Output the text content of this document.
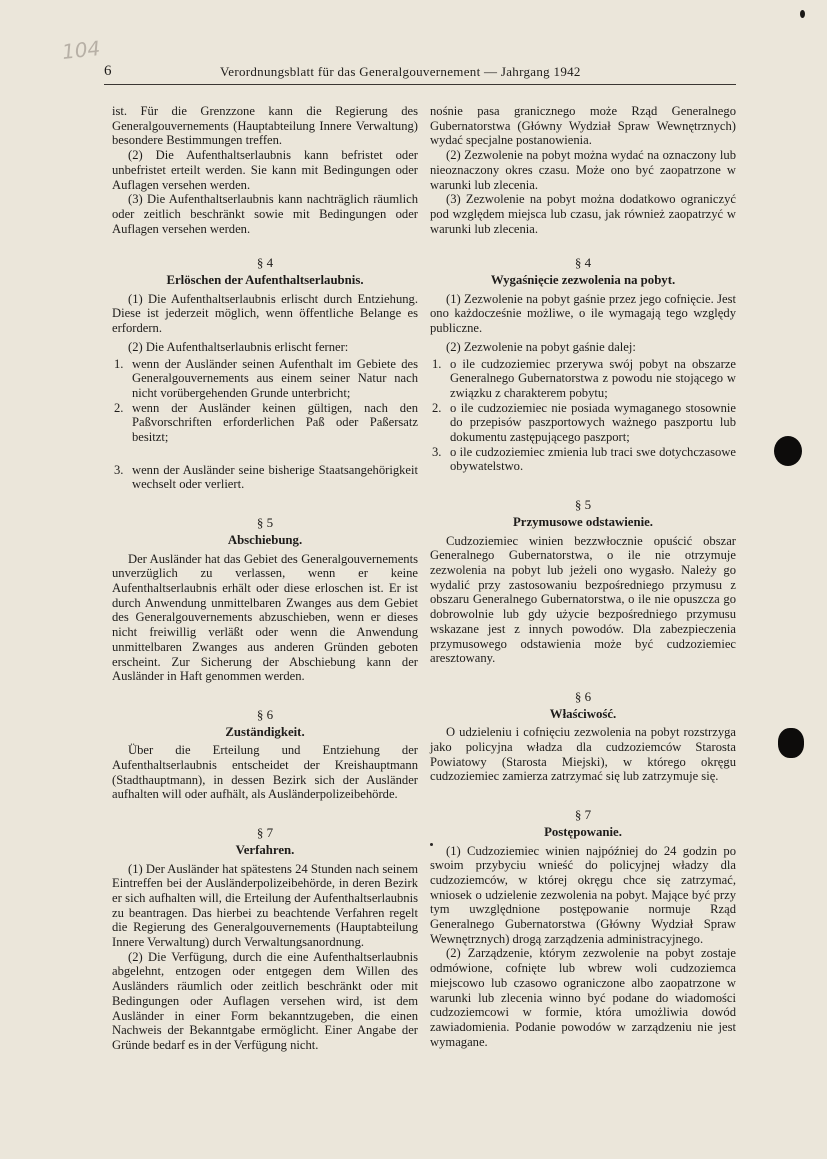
104
6	Verordnungsblatt für das Generalgouvernement — Jahrgang 1942

ist. Für die Grenzzone kann die Regierung des Generalgouvernements (Hauptabteilung Innere Verwaltung) besondere Bestimmungen treffen.

(2) Die Aufenthaltserlaubnis kann befristet oder unbefristet erteilt werden. Sie kann mit Bedingungen oder Auflagen versehen werden.

(3) Die Aufenthaltserlaubnis kann nachträglich räumlich oder zeitlich beschränkt sowie mit Bedingungen oder Auflagen versehen werden.

§ 4

Erlöschen der Aufenthaltserlaubnis.

(1) Die Aufenthaltserlaubnis erlischt durch Entziehung. Diese ist jederzeit möglich, wenn öffentliche Belange es erfordern.

(2) Die Aufenthaltserlaubnis erlischt ferner:

1. wenn der Ausländer seinen Aufenthalt im Gebiete des Generalgouvernements aus einem seiner Natur nach nicht vorübergehenden Grunde unterbricht;
2. wenn der Ausländer keinen gültigen, nach den Paßvorschriften erforderlichen Paß oder Paßersatz besitzt;
3. wenn der Ausländer seine bisherige Staatsangehörigkeit wechselt oder verliert.

§ 5

Abschiebung.

Der Ausländer hat das Gebiet des Generalgouvernements unverzüglich zu verlassen, wenn er keine Aufenthaltserlaubnis erhält oder diese erloschen ist. Er ist durch Anwendung unmittelbaren Zwanges aus dem Gebiet des Generalgouvernements abzuschieben, wenn er dieses nicht freiwillig verläßt oder wenn die Anwendung unmittelbaren Zwanges aus anderen Gründen geboten erscheint. Zur Sicherung der Abschiebung kann der Ausländer in Haft genommen werden.

§ 6

Zuständigkeit.

Über die Erteilung und Entziehung der Aufenthaltserlaubnis entscheidet der Kreishauptmann (Stadthauptmann), in dessen Bezirk sich der Ausländer aufhalten will oder aufhält, als Ausländerpolizeibehörde.

§ 7

Verfahren.

(1) Der Ausländer hat spätestens 24 Stunden nach seinem Eintreffen bei der Ausländerpolizeibehörde, in deren Bezirk er sich aufhalten will, die Erteilung der Aufenthaltserlaubnis zu beantragen. Das hierbei zu beachtende Verfahren regelt die Regierung des Generalgouvernements (Hauptabteilung Innere Verwaltung) durch Verwaltungsanordnung.

(2) Die Verfügung, durch die eine Aufenthaltserlaubnis abgelehnt, entzogen oder entgegen dem Willen des Ausländers räumlich oder zeitlich beschränkt oder mit Bedingungen oder Auflagen versehen wird, ist dem Ausländer in einer Form bekanntzugeben, die einen Nachweis der Bekanntgabe ermöglicht. Einer Angabe der Gründe bedarf es in der Verfügung nicht.

nośnie pasa granicznego może Rząd Generalnego Gubernatorstwa (Główny Wydział Spraw Wewnętrznych) wydać specjalne postanowienia.

(2) Zezwolenie na pobyt można wydać na oznaczony lub nieoznaczony okres czasu. Może ono być zaopatrzone w warunki lub zlecenia.

(3) Zezwolenie na pobyt można dodatkowo ograniczyć pod względem miejsca lub czasu, jak również zaopatrzyć w warunki lub zlecenia.

§ 4

Wygaśnięcie zezwolenia na pobyt.

(1) Zezwolenie na pobyt gaśnie przez jego cofnięcie. Jest ono każdocześnie możliwe, o ile wymagają tego względy publiczne.

(2) Zezwolenie na pobyt gaśnie dalej:

1. o ile cudzoziemiec przerywa swój pobyt na obszarze Generalnego Gubernatorstwa z powodu nie stojącego w związku z charakterem pobytu;
2. o ile cudzoziemiec nie posiada wymaganego stosownie do przepisów paszportowych ważnego paszportu lub dokumentu zastępującego paszport;
3. o ile cudzoziemiec zmienia lub traci swe dotychczasowe obywatelstwo.

§ 5

Przymusowe odstawienie.

Cudzoziemiec winien bezzwłocznie opuścić obszar Generalnego Gubernatorstwa, o ile nie otrzymuje zezwolenia na pobyt lub jeżeli ono wygasło. Należy go wydalić przy zastosowaniu bezpośredniego przymusu z obszaru Generalnego Gubernatorstwa, o ile nie opuszcza go dobrowolnie lub gdy użycie bezpośredniego przymusu wskazane jest z innych powodów. Dla zabezpieczenia przymusowego odstawienia może być cudzoziemiec aresztowany.

§ 6

Właściwość.

O udzieleniu i cofnięciu zezwolenia na pobyt rozstrzyga jako policyjna władza dla cudzoziemców Starosta Powiatowy (Starosta Miejski), w którego okręgu cudzoziemiec zamierza zatrzymać się lub zatrzymuje się.

§ 7

Postępowanie.

(1) Cudzoziemiec winien najpóźniej do 24 godzin po swoim przybyciu wnieść do policyjnej władzy dla cudzoziemców, w której okręgu chce się zatrzymać, wniosek o udzielenie zezwolenia na pobyt. Mające być przy tym uwzględnione postępowanie normuje Rząd Generalnego Gubernatorstwa (Główny Wydział Spraw Wewnętrznych) drogą zarządzenia administracyjnego.

(2) Zarządzenie, którym zezwolenie na pobyt zostaje odmówione, cofnięte lub wbrew woli cudzoziemca miejscowo lub czasowo ograniczone albo zaopatrzone w warunki lub zlecenia winno być podane do wiadomości cudzoziemcowi w formie, która umożliwia dowód zawiadomienia. Podanie powodów w zarządzeniu nie jest wymagane.
